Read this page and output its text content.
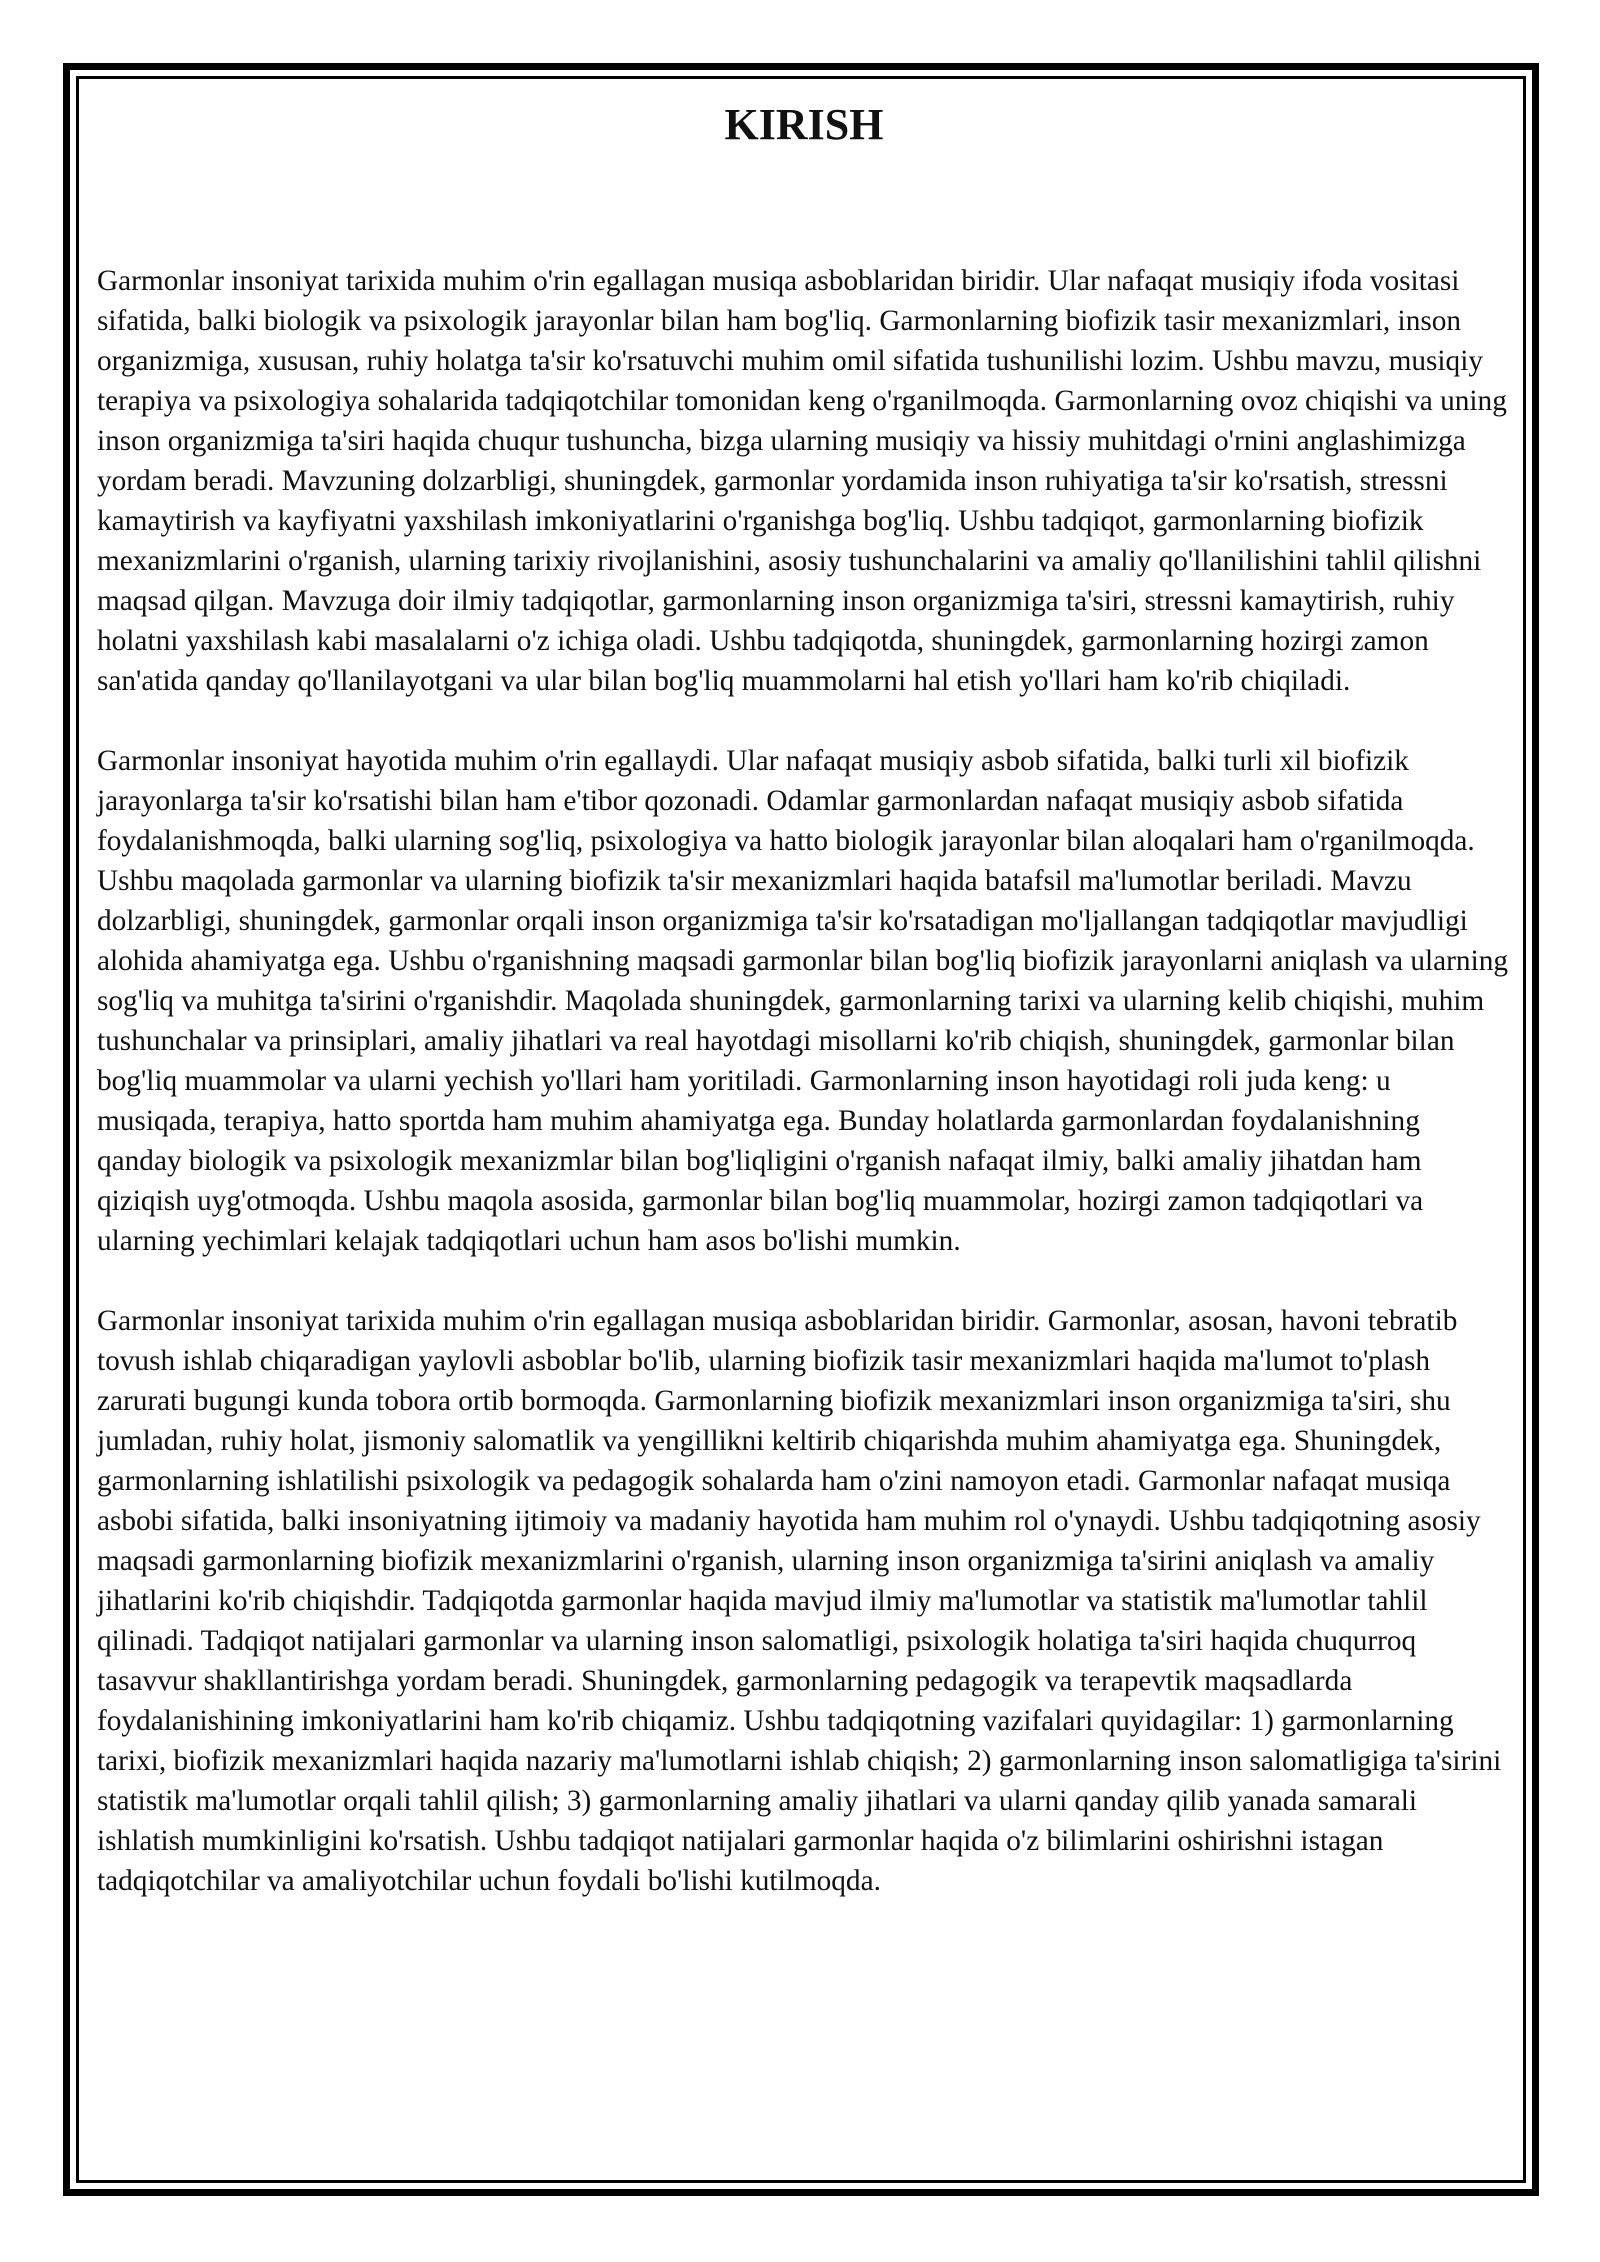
KIRISH

Garmonlar insoniyat tarixida muhim o'rin egallagan musiqa asboblaridan biridir. Ular nafaqat musiqiy ifoda vositasi sifatida, balki biologik va psixologik jarayonlar bilan ham bog'liq. Garmonlarning biofizik tasir mexanizmlari, inson organizmiga, xususan, ruhiy holatga ta'sir ko'rsatuvchi muhim omil sifatida tushunilishi lozim. Ushbu mavzu, musiqiy terapiya va psixologiya sohalarida tadqiqotchilar tomonidan keng o'rganilmoqda. Garmonlarning ovoz chiqishi va uning inson organizmiga ta'siri haqida chuqur tushuncha, bizga ularning musiqiy va hissiy muhitdagi o'rnini anglashimizga yordam beradi. Mavzuning dolzarbligi, shuningdek, garmonlar yordamida inson ruhiyatiga ta'sir ko'rsatish, stressni kamaytirish va kayfiyatni yaxshilash imkoniyatlarini o'rganishga bog'liq. Ushbu tadqiqot, garmonlarning biofizik mexanizmlarini o'rganish, ularning tarixiy rivojlanishini, asosiy tushunchalarini va amaliy qo'llanilishini tahlil qilishni maqsad qilgan. Mavzuga doir ilmiy tadqiqotlar, garmonlarning inson organizmiga ta'siri, stressni kamaytirish, ruhiy holatni yaxshilash kabi masalalarni o'z ichiga oladi. Ushbu tadqiqotda, shuningdek, garmonlarning hozirgi zamon san'atida qanday qo'llanilayotgani va ular bilan bog'liq muammolarni hal etish yo'llari ham ko'rib chiqiladi.

Garmonlar insoniyat hayotida muhim o'rin egallaydi. Ular nafaqat musiqiy asbob sifatida, balki turli xil biofizik jarayonlarga ta'sir ko'rsatishi bilan ham e'tibor qozonadi. Odamlar garmonlardan nafaqat musiqiy asbob sifatida foydalanishmoqda, balki ularning sog'liq, psixologiya va hatto biologik jarayonlar bilan aloqalari ham o'rganilmoqda. Ushbu maqolada garmonlar va ularning biofizik ta'sir mexanizmlari haqida batafsil ma'lumotlar beriladi. Mavzu dolzarbligi, shuningdek, garmonlar orqali inson organizmiga ta'sir ko'rsatadigan mo'ljallangan tadqiqotlar mavjudligi alohida ahamiyatga ega. Ushbu o'rganishning maqsadi garmonlar bilan bog'liq biofizik jarayonlarni aniqlash va ularning sog'liq va muhitga ta'sirini o'rganishdir. Maqolada shuningdek, garmonlarning tarixi va ularning kelib chiqishi, muhim tushunchalar va prinsiplari, amaliy jihatlari va real hayotdagi misollarni ko'rib chiqish, shuningdek, garmonlar bilan bog'liq muammolar va ularni yechish yo'llari ham yoritiladi. Garmonlarning inson hayotidagi roli juda keng: u musiqada, terapiya, hatto sportda ham muhim ahamiyatga ega. Bunday holatlarda garmonlardan foydalanishning qanday biologik va psixologik mexanizmlar bilan bog'liqligini o'rganish nafaqat ilmiy, balki amaliy jihatdan ham qiziqish uyg'otmoqda. Ushbu maqola asosida, garmonlar bilan bog'liq muammolar, hozirgi zamon tadqiqotlari va ularning yechimlari kelajak tadqiqotlari uchun ham asos bo'lishi mumkin.

Garmonlar insoniyat tarixida muhim o'rin egallagan musiqa asboblaridan biridir. Garmonlar, asosan, havoni tebratib tovush ishlab chiqaradigan yaylovli asboblar bo'lib, ularning biofizik tasir mexanizmlari haqida ma'lumot to'plash zarurati bugungi kunda tobora ortib bormoqda. Garmonlarning biofizik mexanizmlari inson organizmiga ta'siri, shu jumladan, ruhiy holat, jismoniy salomatlik va yengillikni keltirib chiqarishda muhim ahamiyatga ega. Shuningdek, garmonlarning ishlatilishi psixologik va pedagogik sohalarda ham o'zini namoyon etadi. Garmonlar nafaqat musiqa asbobi sifatida, balki insoniyatning ijtimoiy va madaniy hayotida ham muhim rol o'ynaydi. Ushbu tadqiqotning asosiy maqsadi garmonlarning biofizik mexanizmlarini o'rganish, ularning inson organizmiga ta'sirini aniqlash va amaliy jihatlarini ko'rib chiqishdir. Tadqiqotda garmonlar haqida mavjud ilmiy ma'lumotlar va statistik ma'lumotlar tahlil qilinadi. Tadqiqot natijalari garmonlar va ularning inson salomatligi, psixologik holatiga ta'siri haqida chuqurroq tasavvur shakllantirishga yordam beradi. Shuningdek, garmonlarning pedagogik va terapevtik maqsadlarda foydalanishining imkoniyatlarini ham ko'rib chiqamiz. Ushbu tadqiqotning vazifalari quyidagilar: 1) garmonlarning tarixi, biofizik mexanizmlari haqida nazariy ma'lumotlarni ishlab chiqish; 2) garmonlarning inson salomatligiga ta'sirini statistik ma'lumotlar orqali tahlil qilish; 3) garmonlarning amaliy jihatlari va ularni qanday qilib yanada samarali ishlatish mumkinligini ko'rsatish. Ushbu tadqiqot natijalari garmonlar haqida o'z bilimlarini oshirishni istagan tadqiqotchilar va amaliyotchilar uchun foydali bo'lishi kutilmoqda.
